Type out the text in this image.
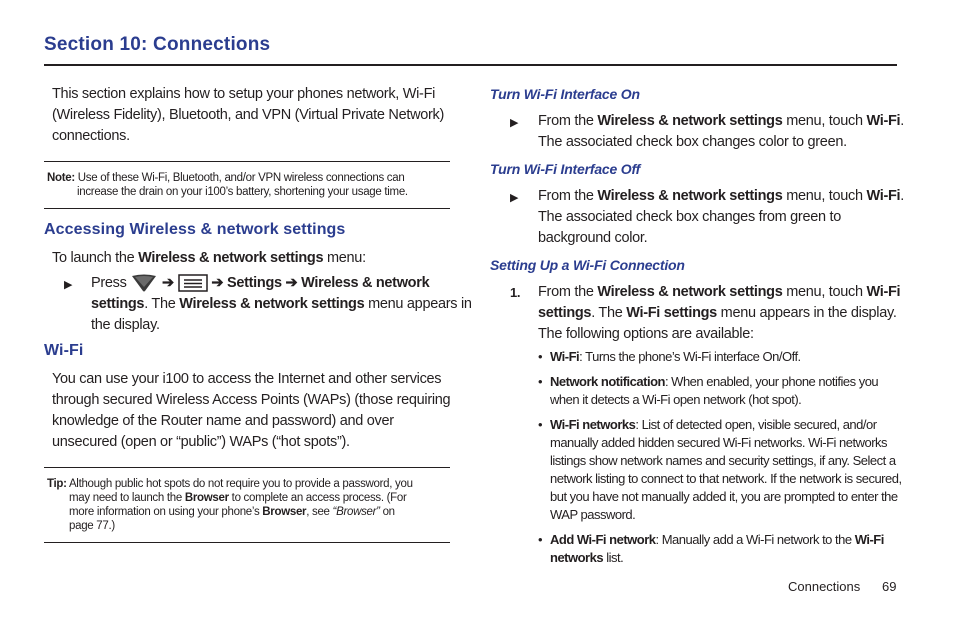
Section 10: Connections
This section explains how to setup your phones network, Wi-Fi
(Wireless Fidelity), Bluetooth, and VPN (Virtual Private Network)
connections.
Note: Use of these Wi-Fi, Bluetooth, and/or VPN wireless connections can
increase the drain on your i100’s battery, shortening your usage time.
Accessing Wireless & network settings
To launch the Wireless & network settings menu:
▶ Press ➔	➔ Settings ➔ Wireless & network
settings. The Wireless & network settings menu appears in
the display.
Wi-Fi
You can use your i100 to access the Internet and other services
through secured Wireless Access Points (WAPs) (those requiring
knowledge of the Router name and password) and over
unsecured (open or “public”) WAPs (“hot spots”).
Tip: Although public hot spots do not require you to provide a password, you
may need to launch the Browser to complete an access process. (For
more information on using your phone’s Browser, see “Browser” on
page 77.)
Turn Wi-Fi Interface On
▶ From the Wireless & network settings menu, touch Wi-Fi.
The associated check box changes color to green.
Turn Wi-Fi Interface Off
▶ From the Wireless & network settings menu, touch Wi-Fi.
The associated check box changes from green to
background color.
Setting Up a Wi-Fi Connection
1. From the Wireless & network settings menu, touch Wi-Fi
settings. The Wi-Fi settings menu appears in the display.
The following options are available:
• Wi-Fi: Turns the phone’s Wi-Fi interface On/Off.
• Network notification: When enabled, your phone notifies you
when it detects a Wi-Fi open network (hot spot).
• Wi-Fi networks: List of detected open, visible secured, and/or
manually added hidden secured Wi-Fi networks. Wi-Fi networks
listings show network names and security settings, if any. Select a
network listing to connect to that network. If the network is secured,
but you have not manually added it, you are prompted to enter the
WAP password.
• Add Wi-Fi network: Manually add a Wi-Fi network to the Wi-Fi
networks list.
Connections 69
